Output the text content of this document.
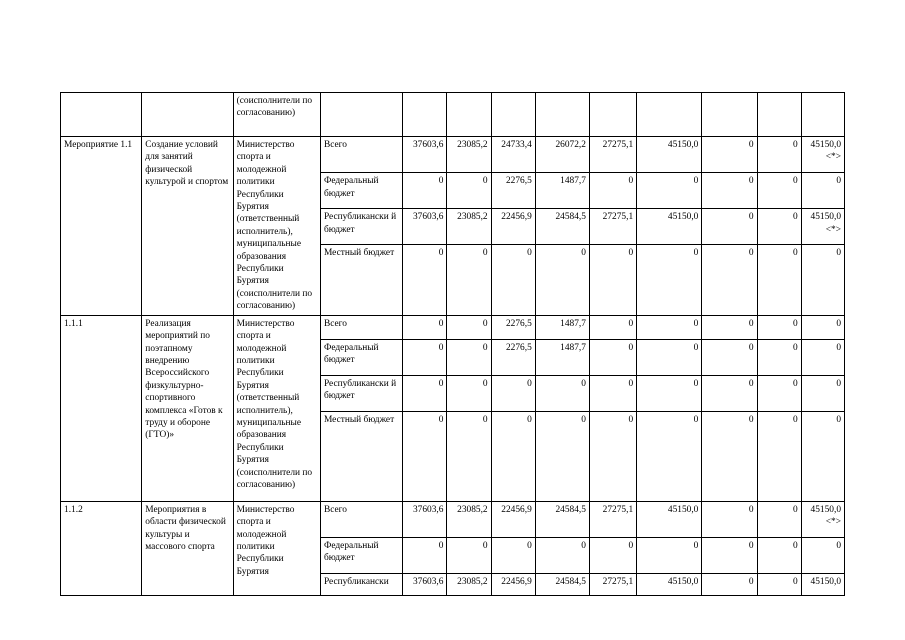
		(соисполнители по согласованию)										
Мероприятие 1.1	Создание условий для занятий физической культурой и спортом	Министерство спорта и молодежной политики Республики Бурятия (ответственный исполнитель), муниципальные образования Республики Бурятия (соисполнители по согласованию)	Всего	37603,6	23085,2	24733,4	26072,2	27275,1	45150,0	0	0	45150,0
<*>

			Федеральный бюджет	0	0	2276,5	1487,7	0	0	0	0	0
			Республикански й бюджет	37603,6	23085,2	22456,9	24584,5	27275,1	45150,0	0	0	45150,0
<*>

			Местный бюджет	0	0	0	0	0	0	0	0	0
1.1.1	Реализация мероприятий по поэтапному внедрению Всероссийского физкультурно-спортивного комплекса «Готов к труду и обороне (ГТО)»	Министерство спорта и молодежной политики Республики Бурятия (ответственный исполнитель), муниципальные образования Республики Бурятия (соисполнители по согласованию)	Всего	0	0	2276,5	1487,7	0	0	0	0	0
			Федеральный бюджет	0	0	2276,5	1487,7	0	0	0	0	0
			Республикански й бюджет	0	0	0	0	0	0	0	0	0
			Местный бюджет	0	0	0	0	0	0	0	0	0
1.1.2	Мероприятия в области физической культуры и массового спорта	Министерство спорта и молодежной политики Республики Бурятия	Всего	37603,6	23085,2	22456,9	24584,5	27275,1	45150,0	0	0	45150,0
<*>

			Федеральный бюджет	0	0	0	0	0	0	0	0	0
			Республикански	37603,6	23085,2	22456,9	24584,5	27275,1	45150,0	0	0	45150,0
